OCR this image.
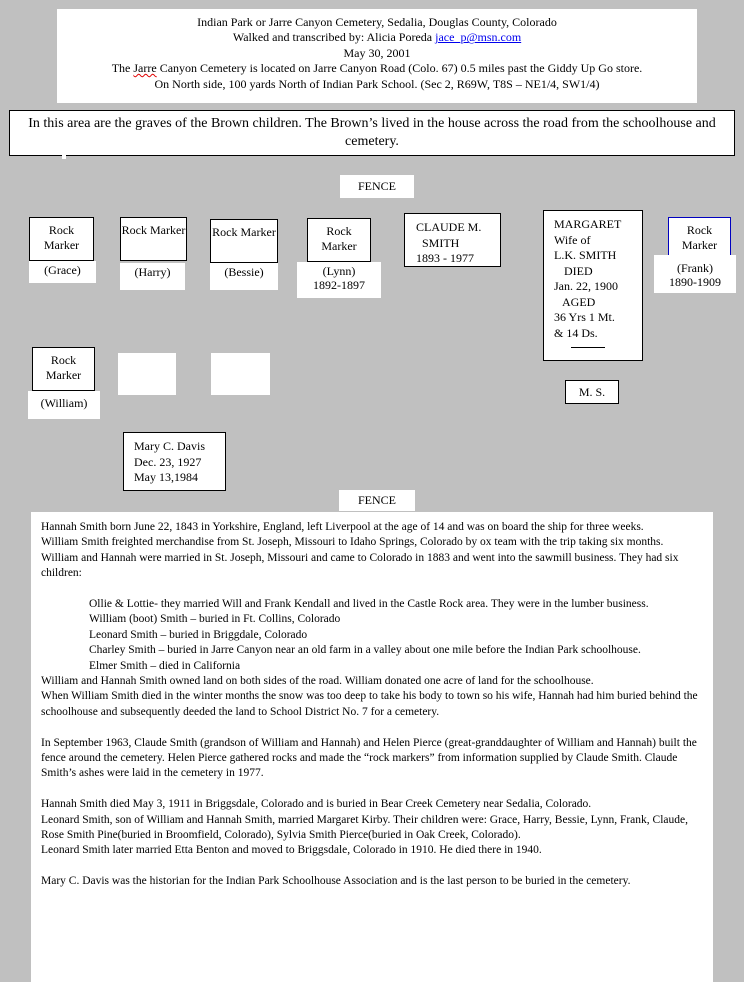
Indian Park or Jarre Canyon Cemetery, Sedalia, Douglas County, Colorado
Walked and transcribed by: Alicia Poreda jace_p@msn.com
May 30, 2001
The Jarre Canyon Cemetery is located on Jarre Canyon Road (Colo. 67) 0.5 miles past the Giddy Up Go store.
On North side, 100 yards North of Indian Park School. (Sec 2, R69W, T8S – NE1/4, SW1/4)
In this area are the graves of the Brown children. The Brown’s lived in the house across the road from the schoolhouse and cemetery.
FENCE
Rock Marker
(Grace)
Rock Marker
(Harry)
Rock Marker
(Bessie)
Rock Marker
(Lynn)
1892-1897
CLAUDE M.
SMITH
1893 - 1977
MARGARET
Wife of
L.K. SMITH
DIED
Jan. 22, 1900
AGED
36 Yrs 1 Mt.
& 14 Ds.
Rock Marker
(Frank)
1890-1909
Rock Marker
(William)
M. S.
Mary C. Davis
Dec. 23, 1927
May 13,1984
FENCE

Hannah Smith born June 22, 1843 in Yorkshire, England, left Liverpool at the age of 14 and was on board the ship for three weeks.

William Smith freighted merchandise from St. Joseph, Missouri to Idaho Springs, Colorado by ox team with the trip taking six months.

William and Hannah were married in St. Joseph, Missouri and came to Colorado in 1883 and went into the sawmill business. They had six children:

Ollie & Lottie- they married Will and Frank Kendall and lived in the Castle Rock area. They were in the lumber business.

William (boot) Smith – buried in Ft. Collins, Colorado

Leonard Smith – buried in Briggdale, Colorado

Charley Smith – buried in Jarre Canyon near an old farm in a valley about one mile before the Indian Park schoolhouse.

Elmer Smith – died in California

William and Hannah Smith owned land on both sides of the road. William donated one acre of land for the schoolhouse.

When William Smith died in the winter months the snow was too deep to take his body to town so his wife, Hannah had him buried behind the schoolhouse and subsequently deeded the land to School District No. 7 for a cemetery.

In September 1963, Claude Smith (grandson of William and Hannah) and Helen Pierce (great-granddaughter of William and Hannah) built the fence around the cemetery. Helen Pierce gathered rocks and made the “rock markers” from information supplied by Claude Smith. Claude Smith’s ashes were laid in the cemetery in 1977.

Hannah Smith died May 3, 1911 in Briggsdale, Colorado and is buried in Bear Creek Cemetery near Sedalia, Colorado.

Leonard Smith, son of William and Hannah Smith, married Margaret Kirby. Their children were: Grace, Harry, Bessie, Lynn, Frank, Claude, Rose Smith Pine(buried in Broomfield, Colorado), Sylvia Smith Pierce(buried in Oak Creek, Colorado).

Leonard Smith later married Etta Benton and moved to Briggsdale, Colorado in 1910. He died there in 1940.

Mary C. Davis was the historian for the Indian Park Schoolhouse Association and is the last person to be buried in the cemetery.
